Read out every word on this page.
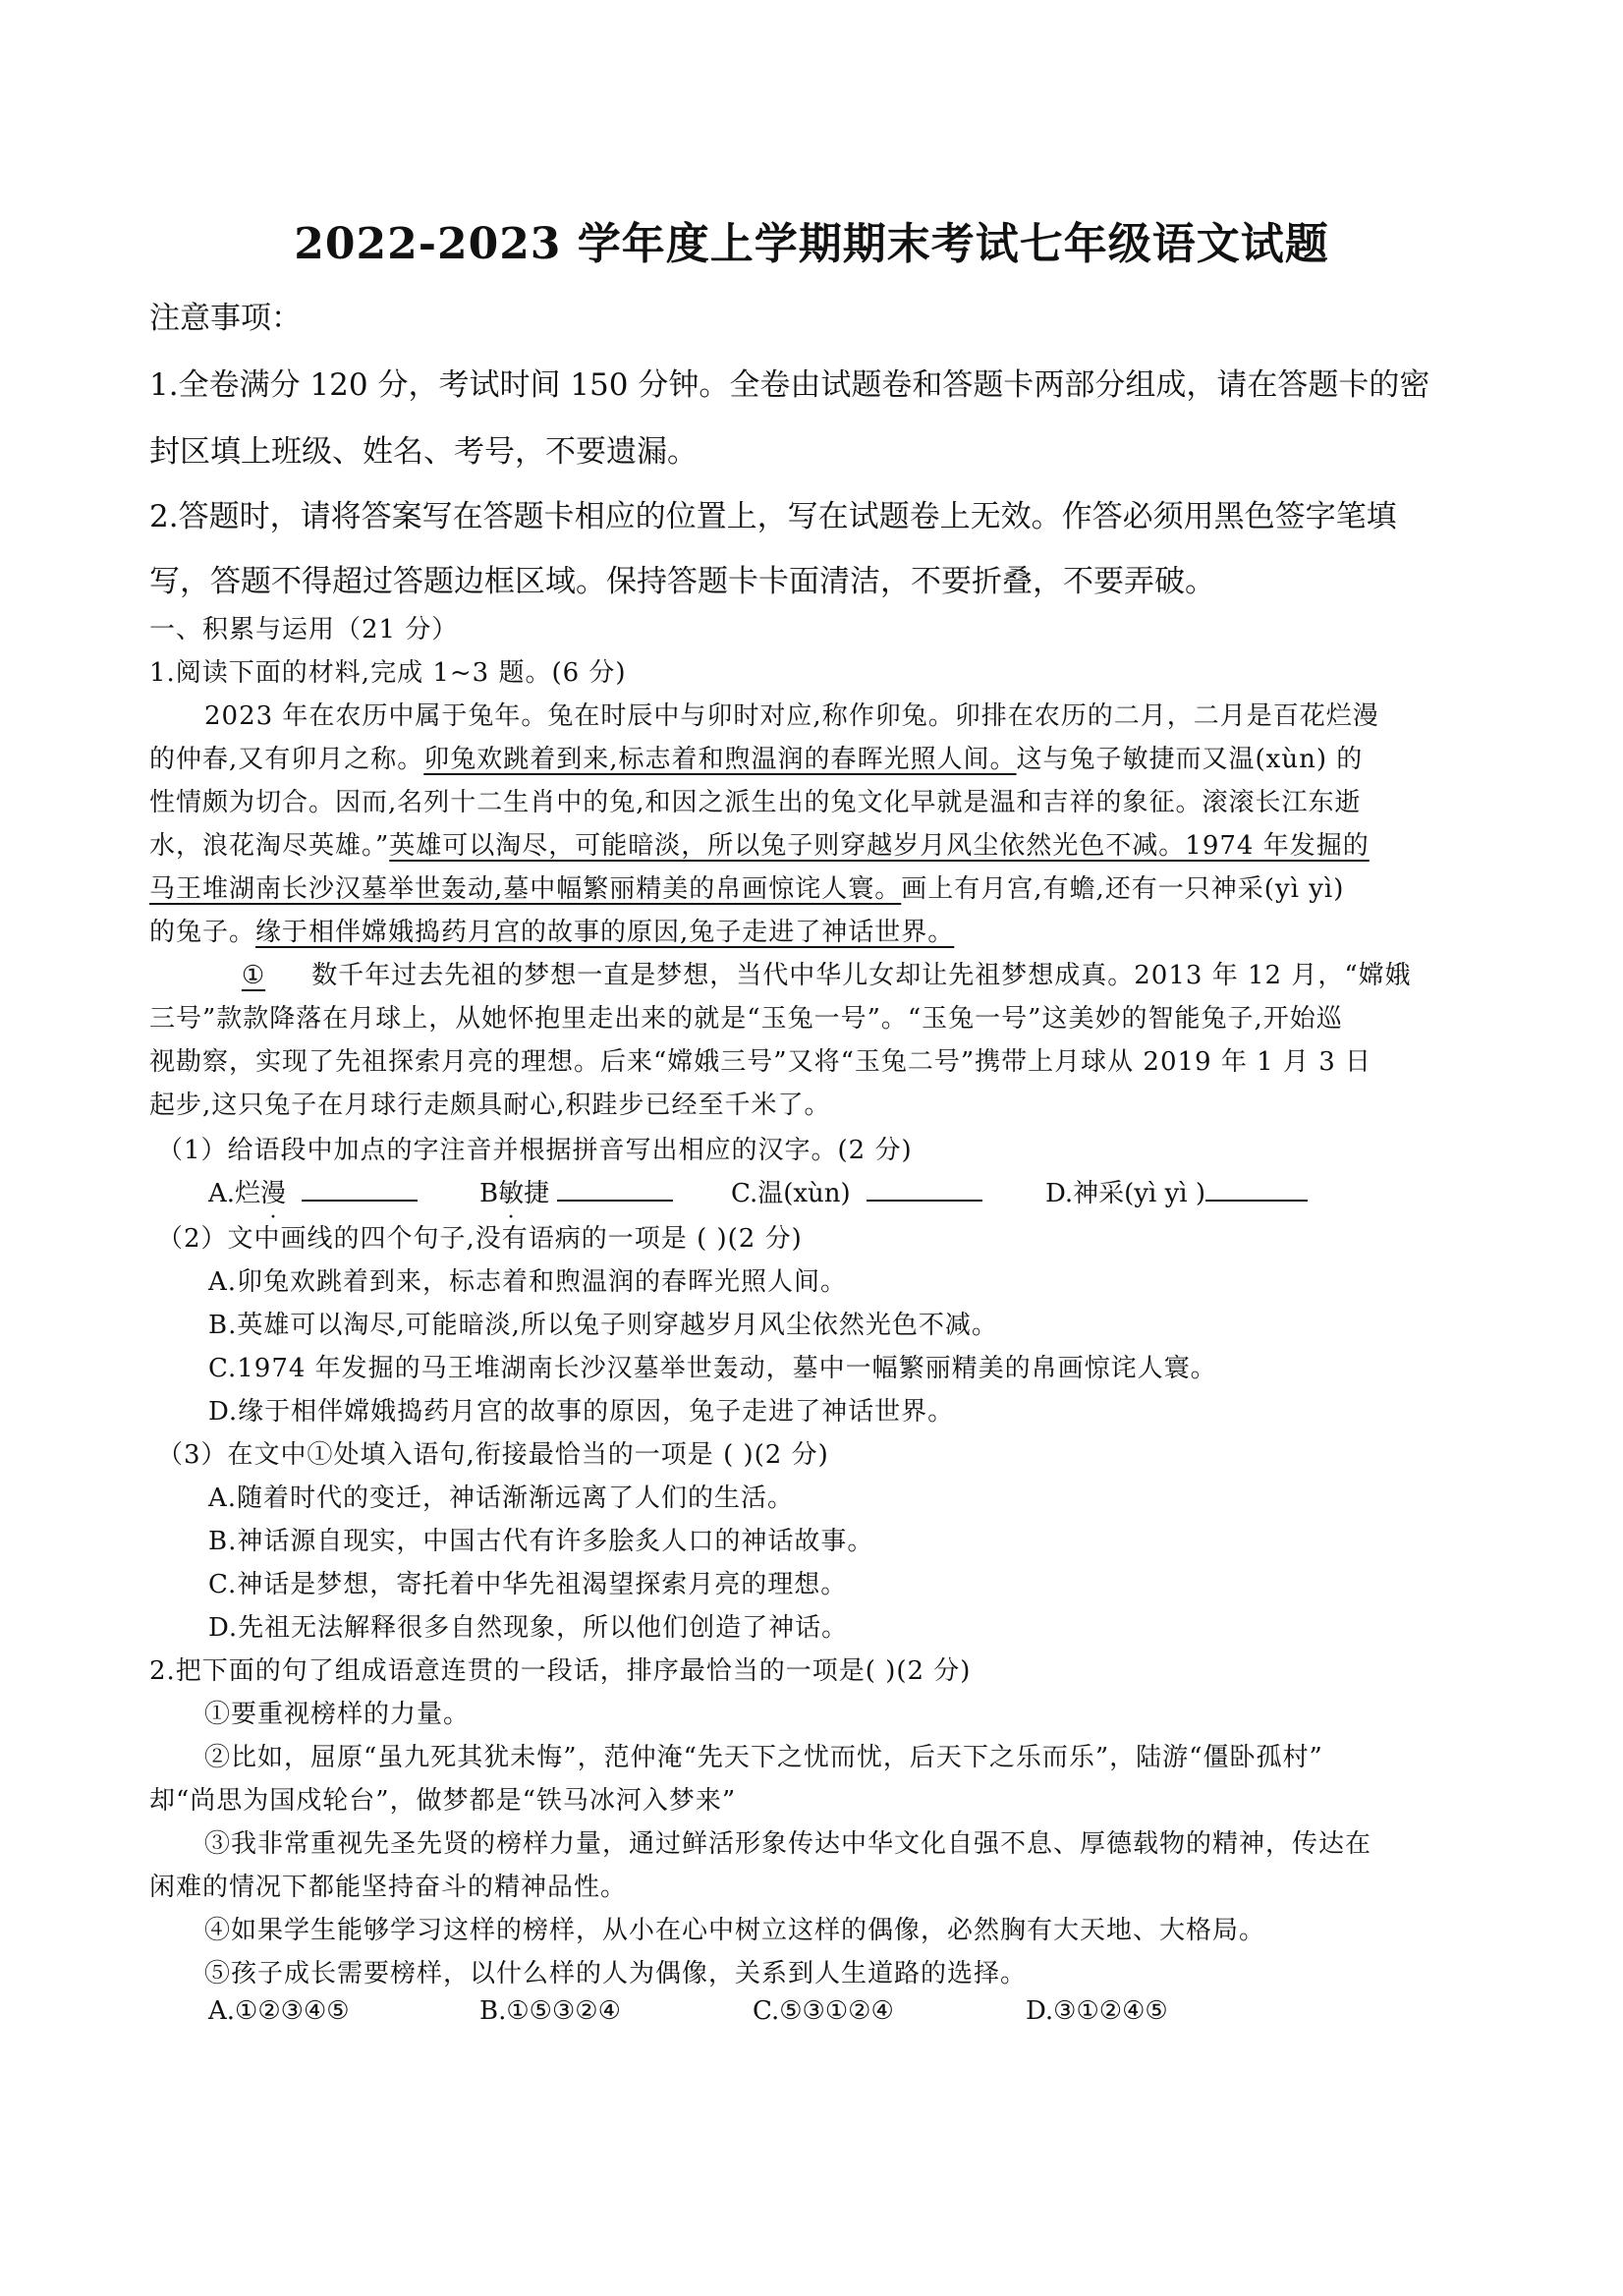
2022-2023 学年度上学期期末考试七年级语文试题
注意事项：
1.全卷满分 120 分，考试时间 150 分钟。全卷由试题卷和答题卡两部分组成，请在答题卡的密
封区填上班级、姓名、考号，不要遗漏。
2.答题时，请将答案写在答题卡相应的位置上，写在试题卷上无效。作答必须用黑色签字笔填
写，答题不得超过答题边框区域。保持答题卡卡面清洁，不要折叠，不要弄破。
一、积累与运用（21 分）
1.阅读下面的材料,完成 1~3 题。(6 分)
2023 年在农历中属于兔年。兔在时辰中与卯时对应,称作卯兔。卯排在农历的二月，二月是百花烂漫
的仲春,又有卯月之称。卯兔欢跳着到来,标志着和煦温润的春晖光照人间。这与兔子敏捷而又温(xùn) 的
性情颇为切合。因而,名列十二生肖中的兔,和因之派生出的兔文化早就是温和吉祥的象征。滚滚长江东逝
水，浪花淘尽英雄。”英雄可以淘尽，可能暗淡，所以兔子则穿越岁月风尘依然光色不减。1974 年发掘的
马王堆湖南长沙汉墓举世轰动,墓中幅繁丽精美的帛画惊诧人寰。画上有月宫,有蟾,还有一只神采(yì yì)
的兔子。缘于相伴嫦娥捣药月宫的故事的原因,兔子走进了神话世界。
① 数千年过去先祖的梦想一直是梦想，当代中华儿女却让先祖梦想成真。2013 年 12 月，“嫦娥
三号”款款降落在月球上，从她怀抱里走出来的就是“玉兔一号”。“玉兔一号”这美妙的智能兔子,开始巡
视勘察，实现了先祖探索月亮的理想。后来“嫦娥三号”又将“玉兔二号”携带上月球从 2019 年 1 月 3 日
起步,这只兔子在月球行走颇具耐心,积跬步已经至千米了。
（1）给语段中加点的字注音并根据拼音写出相应的汉字。(2 分)
A.烂漫	B敏捷	C.温(xùn)	D.神采(yì yì )
（2）文中画线的四个句子,没有语病的一项是 ( )(2 分)
A.卯兔欢跳着到来，标志着和煦温润的春晖光照人间。
B.英雄可以淘尽,可能暗淡,所以兔子则穿越岁月风尘依然光色不减。
C.1974 年发掘的马王堆湖南长沙汉墓举世轰动，墓中一幅繁丽精美的帛画惊诧人寰。
D.缘于相伴嫦娥捣药月宫的故事的原因，兔子走进了神话世界。
（3）在文中①处填入语句,衔接最恰当的一项是 ( )(2 分)
A.随着时代的变迁，神话渐渐远离了人们的生活。
B.神话源自现实，中国古代有许多脍炙人口的神话故事。
C.神话是梦想，寄托着中华先祖渴望探索月亮的理想。
D.先祖无法解释很多自然现象，所以他们创造了神话。
2.把下面的句了组成语意连贯的一段话，排序最恰当的一项是( )(2 分)
①要重视榜样的力量。
②比如，屈原“虽九死其犹未悔”，范仲淹“先天下之忧而忧，后天下之乐而乐”，陆游“僵卧孤村”
却“尚思为国戍轮台”，做梦都是“铁马冰河入梦来”
③我非常重视先圣先贤的榜样力量，通过鲜活形象传达中华文化自强不息、厚德载物的精神，传达在
闲难的情况下都能坚持奋斗的精神品性。
④如果学生能够学习这样的榜样，从小在心中树立这样的偶像，必然胸有大天地、大格局。
⑤孩子成长需要榜样，以什么样的人为偶像，关系到人生道路的选择。
A.①②③④⑤	B.①⑤③②④	C.⑤③①②④	D.③①②④⑤
